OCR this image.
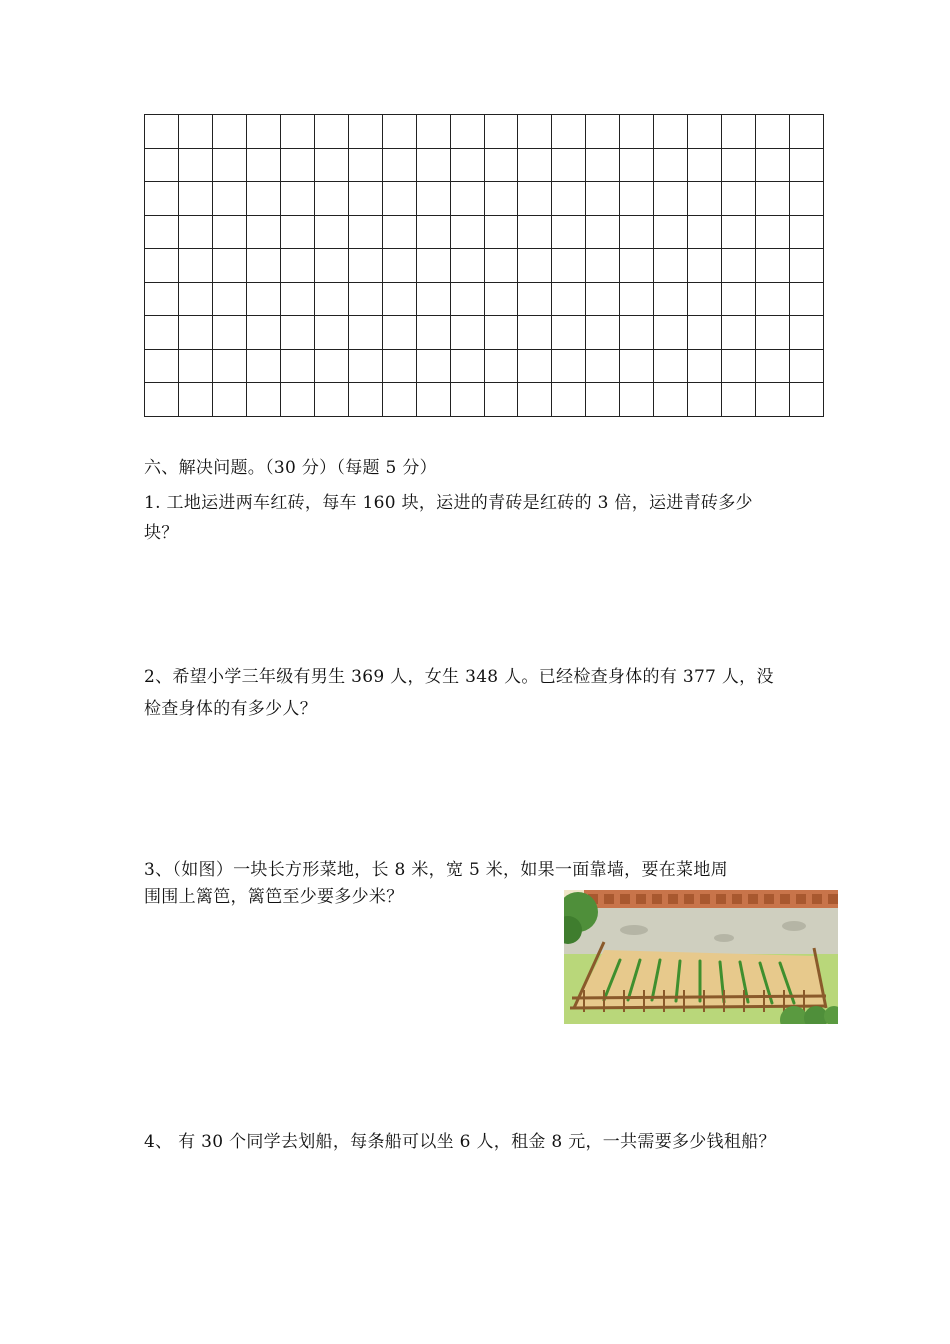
六、解决问题。（30 分）（每题 5 分）
1. 工地运进两车红砖，每车 160 块，运进的青砖是红砖的 3 倍，运进青砖多少
块？
2、希望小学三年级有男生 369 人，女生 348 人。已经检查身体的有 377 人，没
检查身体的有多少人？
3、（如图）一块长方形菜地，长 8 米，宽 5 米，如果一面靠墙，要在菜地周
围围上篱笆，篱笆至少要多少米？
4、 有 30 个同学去划船，每条船可以坐 6 人，租金 8 元，一共需要多少钱租船？
